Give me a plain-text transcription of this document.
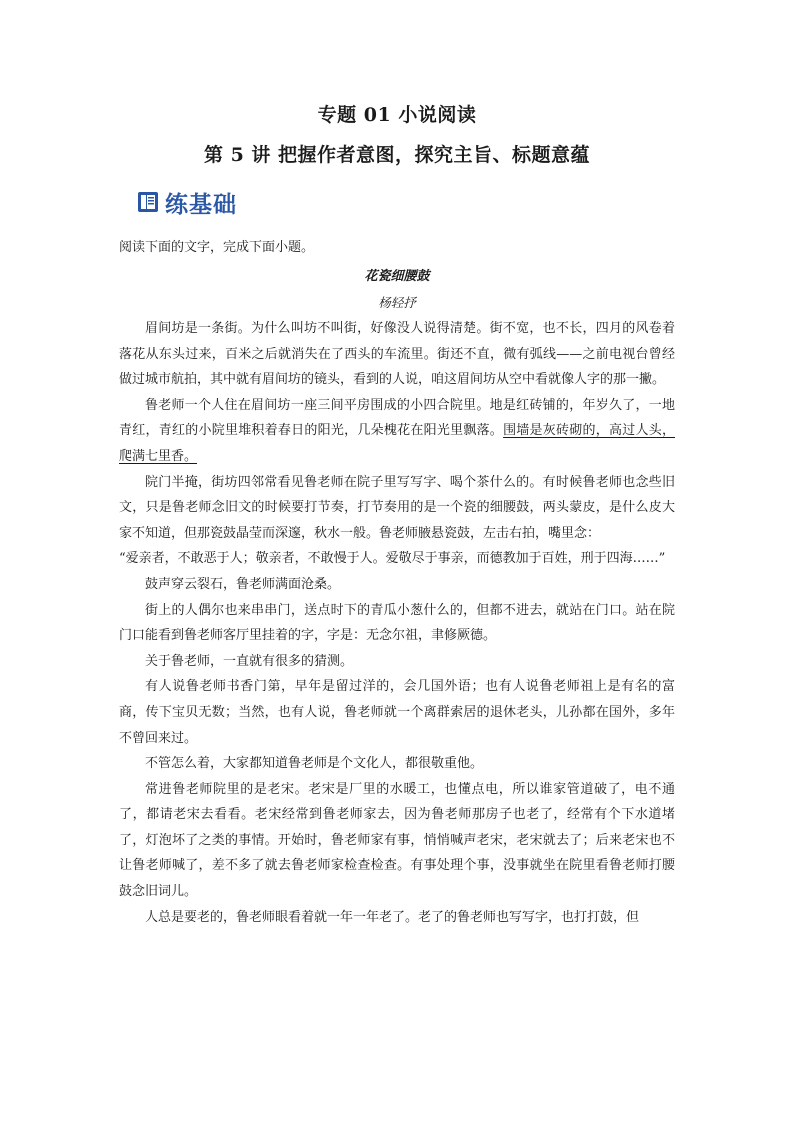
专题 01 小说阅读
第 5 讲 把握作者意图，探究主旨、标题意蕴
练基础
阅读下面的文字，完成下面小题。
花瓷细腰鼓
杨轻抒

眉间坊是一条街。为什么叫坊不叫街，好像没人说得清楚。街不宽，也不长，四月的风卷着落花从东头过来，百米之后就消失在了西头的车流里。街还不直，微有弧线——之前电视台曾经做过城市航拍，其中就有眉间坊的镜头，看到的人说，咱这眉间坊从空中看就像人字的那一撇。

鲁老师一个人住在眉间坊一座三间平房围成的小四合院里。地是红砖铺的，年岁久了，一地青红，青红的小院里堆积着春日的阳光，几朵槐花在阳光里飘落。围墙是灰砖砌的，高过人头，爬满七里香。

院门半掩，街坊四邻常看见鲁老师在院子里写写字、喝个茶什么的。有时候鲁老师也念些旧文，只是鲁老师念旧文的时候要打节奏，打节奏用的是一个瓷的细腰鼓，两头蒙皮，是什么皮大家不知道，但那瓷鼓晶莹而深邃，秋水一般。鲁老师腋悬瓷鼓，左击右拍，嘴里念：

“爱亲者，不敢恶于人；敬亲者，不敢慢于人。爱敬尽于事亲，而德教加于百姓，刑于四海……”

鼓声穿云裂石，鲁老师满面沧桑。

街上的人偶尔也来串串门，送点时下的青瓜小葱什么的，但都不进去，就站在门口。站在院门口能看到鲁老师客厅里挂着的字，字是：无念尔祖，聿修厥德。

关于鲁老师，一直就有很多的猜测。

有人说鲁老师书香门第，早年是留过洋的，会几国外语；也有人说鲁老师祖上是有名的富商，传下宝贝无数；当然，也有人说，鲁老师就一个离群索居的退休老头，儿孙都在国外，多年不曾回来过。

不管怎么着，大家都知道鲁老师是个文化人，都很敬重他。

常进鲁老师院里的是老宋。老宋是厂里的水暖工，也懂点电，所以谁家管道破了，电不通了，都请老宋去看看。老宋经常到鲁老师家去，因为鲁老师那房子也老了，经常有个下水道堵了，灯泡坏了之类的事情。开始时，鲁老师家有事，悄悄喊声老宋，老宋就去了；后来老宋也不让鲁老师喊了，差不多了就去鲁老师家检查检查。有事处理个事，没事就坐在院里看鲁老师打腰鼓念旧词儿。

人总是要老的，鲁老师眼看着就一年一年老了。老了的鲁老师也写写字，也打打鼓，但
